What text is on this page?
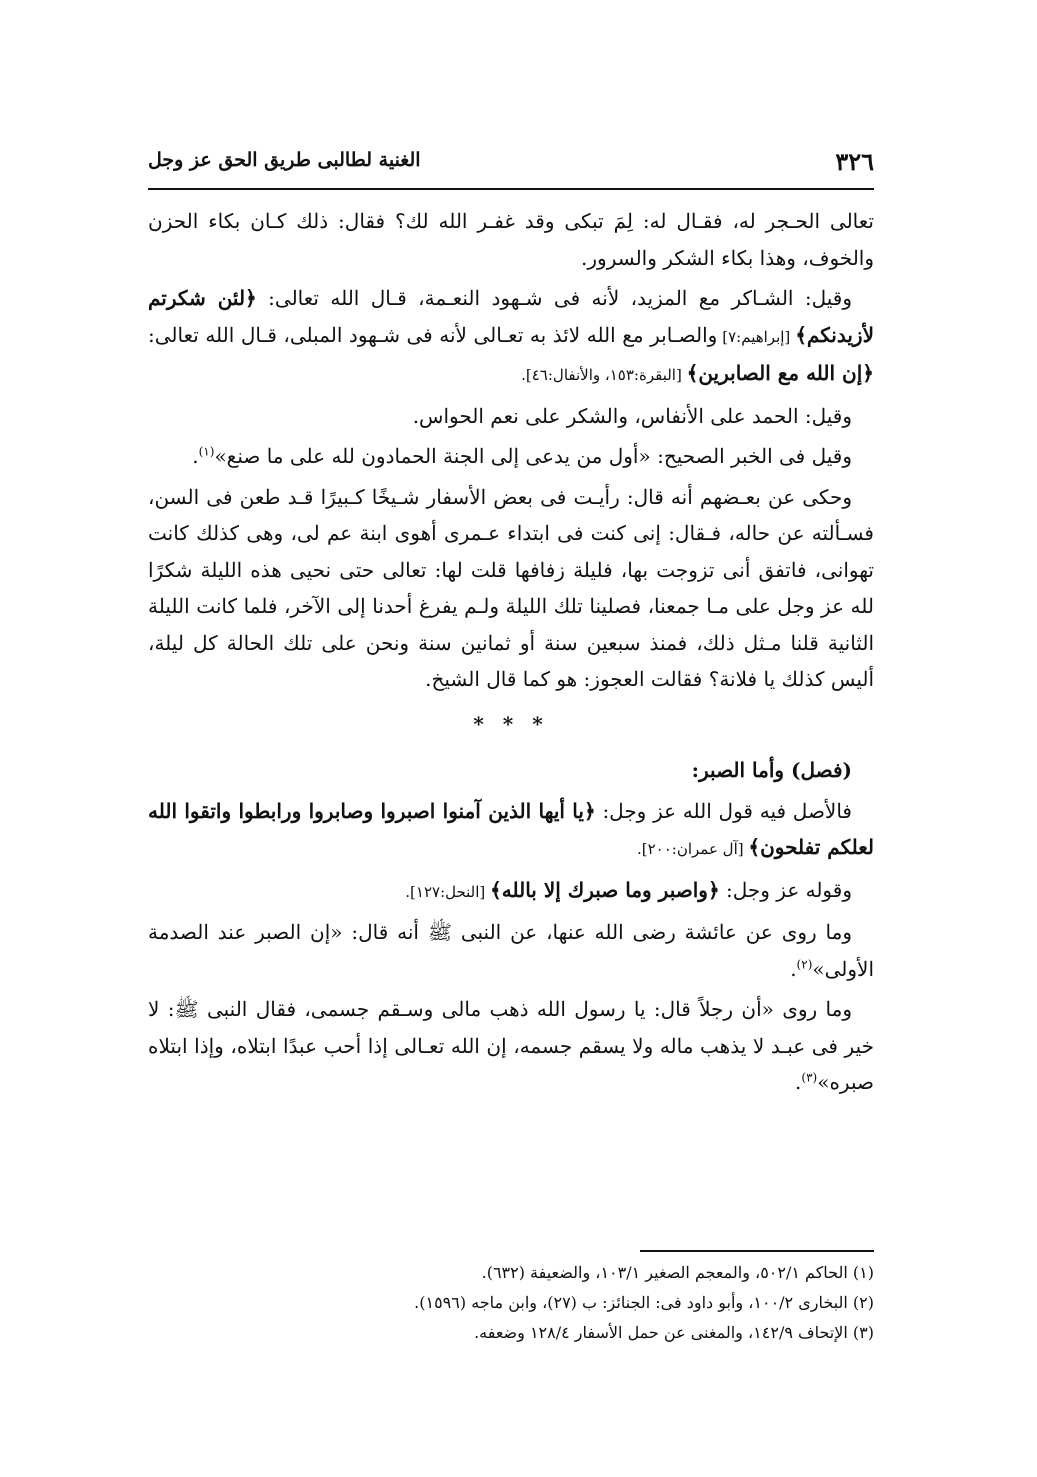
٣٢٦
الغنية لطالبى طريق الحق عز وجل

تعالى الحـجر له، فقـال له: لِمَ تبكى وقد غفـر الله لك؟ فقال: ذلك كـان بكاء الحزن والخوف، وهذا بكاء الشكر والسرور.

وقيل: الشـاكر مع المزيد، لأنه فى شـهود النعـمة، قـال الله تعالى: ﴿لئن شكرتم لأزيدنكم﴾ [إبراهيم:٧] والصـابر مع الله لائذ به تعـالى لأنه فى شـهود المبلى، قـال الله تعالى: ﴿إن الله مع الصابرين﴾ [البقرة:١٥٣، والأنفال:٤٦].

وقيل: الحمد على الأنفاس، والشكر على نعم الحواس.

وقيل فى الخبر الصحيح: «أول من يدعى إلى الجنة الحمادون لله على ما صنع»$^{(١)}$.

وحكى عن بعـضهم أنه قال: رأيـت فى بعض الأسفار شـيخًا كـبيرًا قـد طعن فى السن، فسـألته عن حاله، فـقال: إنى كنت فى ابتداء عـمرى أهوى ابنة عم لى، وهى كذلك كانت تهوانى، فاتفق أنى تزوجت بها، فليلة زفافها قلت لها: تعالى حتى نحيى هذه الليلة شكرًا لله عز وجل على مـا جمعنا، فصلينا تلك الليلة ولـم يفرغ أحدنا إلى الآخر، فلما كانت الليلة الثانية قلنا مـثل ذلك، فمنذ سبعين سنة أو ثمانين سنة ونحن على تلك الحالة كل ليلة، أليس كذلك يا فلانة؟ فقالت العجوز: هو كما قال الشيخ.

* * *

(فصل) وأما الصبر:

فالأصل فيه قول الله عز وجل: ﴿يا أيها الذين آمنوا اصبروا وصابروا ورابطوا واتقوا الله لعلكم تفلحون﴾ [آل عمران:٢٠٠].

وقوله عز وجل: ﴿واصبر وما صبرك إلا بالله﴾ [النحل:١٢٧].

وما روى عن عائشة رضى الله عنها، عن النبى ﷺ أنه قال: «إن الصبر عند الصدمة الأولى»$^{(٢)}$.

وما روى «أن رجلاً قال: يا رسول الله ذهب مالى وسـقم جسمى، فقال النبى ﷺ: لا خير فى عبـد لا يذهب ماله ولا يسقم جسمه، إن الله تعـالى إذا أحب عبدًا ابتلاه، وإذا ابتلاه صبره»$^{(٣)}$.

(١) الحاكم ٥٠٢/١، والمعجم الصغير ١٠٣/١، والضعيفة (٦٣٢).
(٢) البخارى ١٠٠/٢، وأبو داود فى: الجنائز: ب (٢٧)، وابن ماجه (١٥٩٦).
(٣) الإتحاف ١٤٢/٩، والمغنى عن حمل الأسفار ١٢٨/٤ وضعفه.
